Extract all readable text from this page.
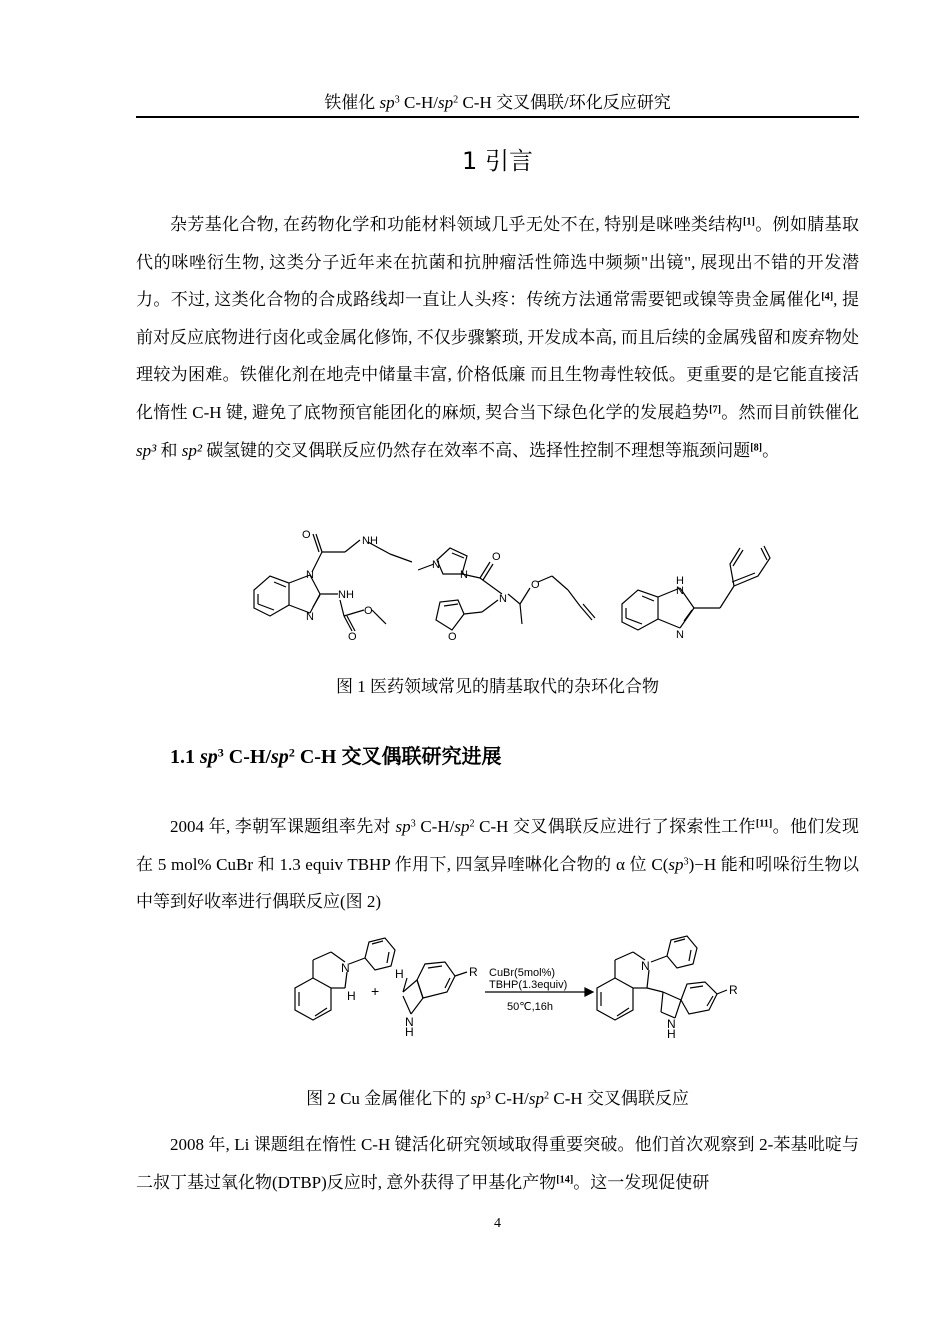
铁催化 $sp^3$ $C-H/sp^2$ C-H 交叉偶联/环化反应研究
1 引言

杂芳基化合物, 在药物化学和功能材料领域几乎无处不在, 特别是咪唑类结构[1]。例如腈基取代的咪唑衍生物, 这类分子近年来在抗菌和抗肿瘤活性筛选中频频"出镜", 展现出不错的开发潜力。不过, 这类化合物的合成路线却一直让人头疼：传统方法通常需要钯或镍等贵金属催化[4], 提前对反应底物进行卤化或金属化修饰, 不仅步骤繁琐, 开发成本高, 而且后续的金属残留和废弃物处理较为困难。铁催化剂在地壳中储量丰富, 价格低廉 而且生物毒性较低。更重要的是它能直接活化惰性 C-H 键, 避免了底物预官能团化的麻烦, 契合当下绿色化学的发展趋势[7]。然而目前铁催化 sp³ 和 sp² 碳氢键的交叉偶联反应仍然存在效率不高、选择性控制不理想等瓶颈问题[8]。

O
N
N
NH
NH
O
O
N
N
O
N
O
O
H
N
N
图 1 医药领域常见的腈基取代的杂环化合物
1.1 $sp^3$ $C-H/sp^2$ C-H 交叉偶联研究进展

2004 年, 李朝军课题组率先对 $sp^3$ $C-H/sp^2$ C-H 交叉偶联反应进行了探索性工作[11]。他们发现在 5 mol% CuBr 和 1.3 equiv TBHP 作用下, 四氢异喹啉化合物的 α 位 $C(sp^3)-H$ 能和吲哚衍生物以中等到好收率进行偶联反应(图 2)

N
H +
H
N
H
R CuBr(5mol%)
TBHP(1.3equiv)
50℃,16h
N
N
H
R
图 2 Cu 金属催化下的 $sp^3$ $C-H/sp^2$ C-H 交叉偶联反应

2008 年, Li 课题组在惰性 C-H 键活化研究领域取得重要突破。他们首次观察到 2-苯基吡啶与二叔丁基过氧化物(DTBP)反应时, 意外获得了甲基化产物[14]。这一发现促使研

4
